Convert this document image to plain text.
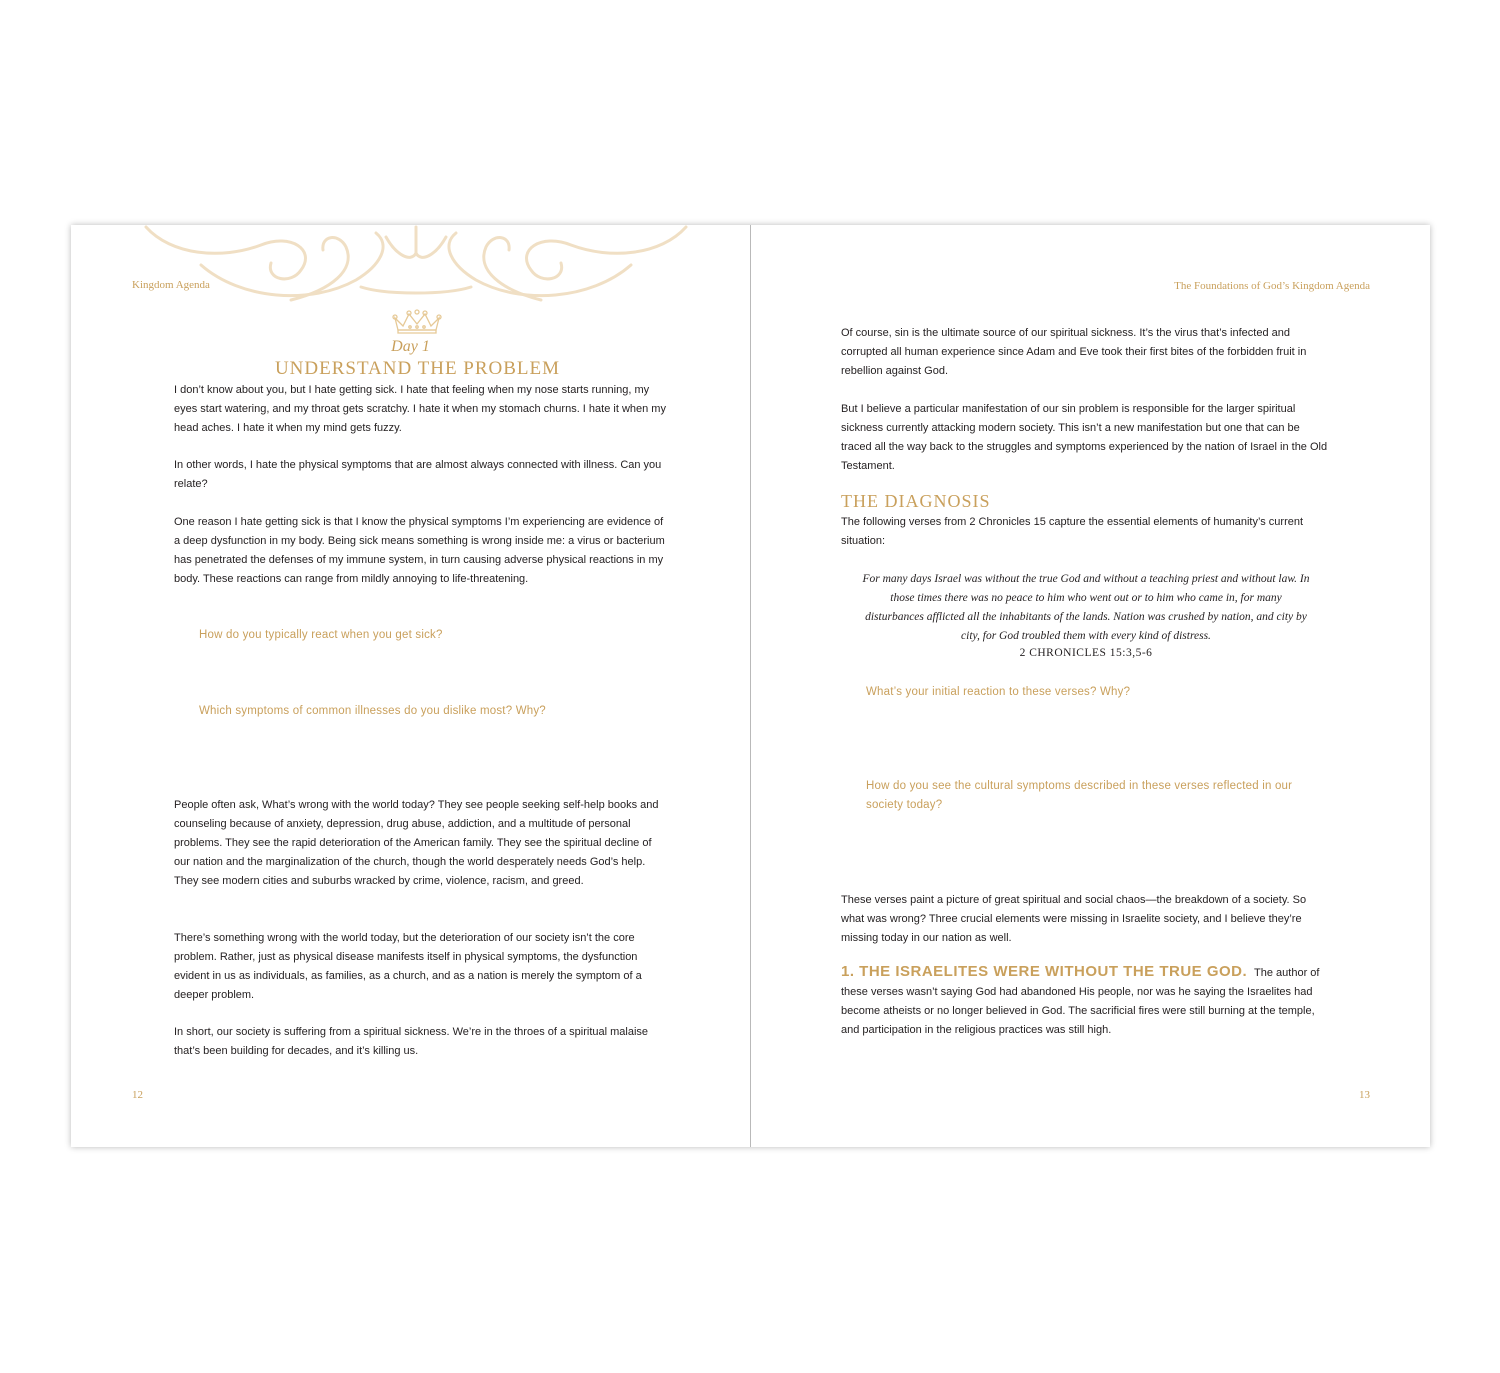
Kingdom Agenda
Day 1
UNDERSTAND THE PROBLEM

I don’t know about you, but I hate getting sick. I hate that feeling when my nose starts running, my eyes start watering, and my throat gets scratchy. I hate it when my stomach churns. I hate it when my head aches. I hate it when my mind gets fuzzy.

In other words, I hate the physical symptoms that are almost always connected with illness. Can you relate?

One reason I hate getting sick is that I know the physical symptoms I’m experiencing are evidence of a deep dysfunction in my body. Being sick means something is wrong inside me: a virus or bacterium has penetrated the defenses of my immune system, in turn causing adverse physical reactions in my body. These reactions can range from mildly annoying to life-threatening.

How do you typically react when you get sick?

Which symptoms of common illnesses do you dislike most? Why?

People often ask, What’s wrong with the world today? They see people seeking self-help books and counseling because of anxiety, depression, drug abuse, addiction, and a multitude of personal problems. They see the rapid deterioration of the American family. They see the spiritual decline of our nation and the marginalization of the church, though the world desperately needs God’s help. They see modern cities and suburbs wracked by crime, violence, racism, and greed.

There’s something wrong with the world today, but the deterioration of our society isn’t the core problem. Rather, just as physical disease manifests itself in physical symptoms, the dysfunction evident in us as individuals, as families, as a church, and as a nation is merely the symptom of a deeper problem.

In short, our society is suffering from a spiritual sickness. We’re in the throes of a spiritual malaise that’s been building for decades, and it’s killing us.

12
The Foundations of God’s Kingdom Agenda

Of course, sin is the ultimate source of our spiritual sickness. It’s the virus that’s infected and corrupted all human experience since Adam and Eve took their first bites of the forbidden fruit in rebellion against God.

But I believe a particular manifestation of our sin problem is responsible for the larger spiritual sickness currently attacking modern society. This isn’t a new manifestation but one that can be traced all the way back to the struggles and symptoms experienced by the nation of Israel in the Old Testament.

THE DIAGNOSIS

The following verses from 2 Chronicles 15 capture the essential elements of humanity’s current situation:

For many days Israel was without the true God and without a teaching priest and without law. In those times there was no peace to him who went out or to him who came in, for many disturbances afflicted all the inhabitants of the lands. Nation was crushed by nation, and city by city, for God troubled them with every kind of distress.
2 CHRONICLES 15:3,5-6

What’s your initial reaction to these verses? Why?

How do you see the cultural symptoms described in these verses reflected in our society today?

These verses paint a picture of great spiritual and social chaos—the breakdown of a society. So what was wrong? Three crucial elements were missing in Israelite society, and I believe they’re missing today in our nation as well.

1. THE ISRAELITES WERE WITHOUT THE TRUE GOD. The author of these verses wasn’t saying God had abandoned His people, nor was he saying the Israelites had become atheists or no longer believed in God. The sacrificial fires were still burning at the temple, and participation in the religious practices was still high.

13
